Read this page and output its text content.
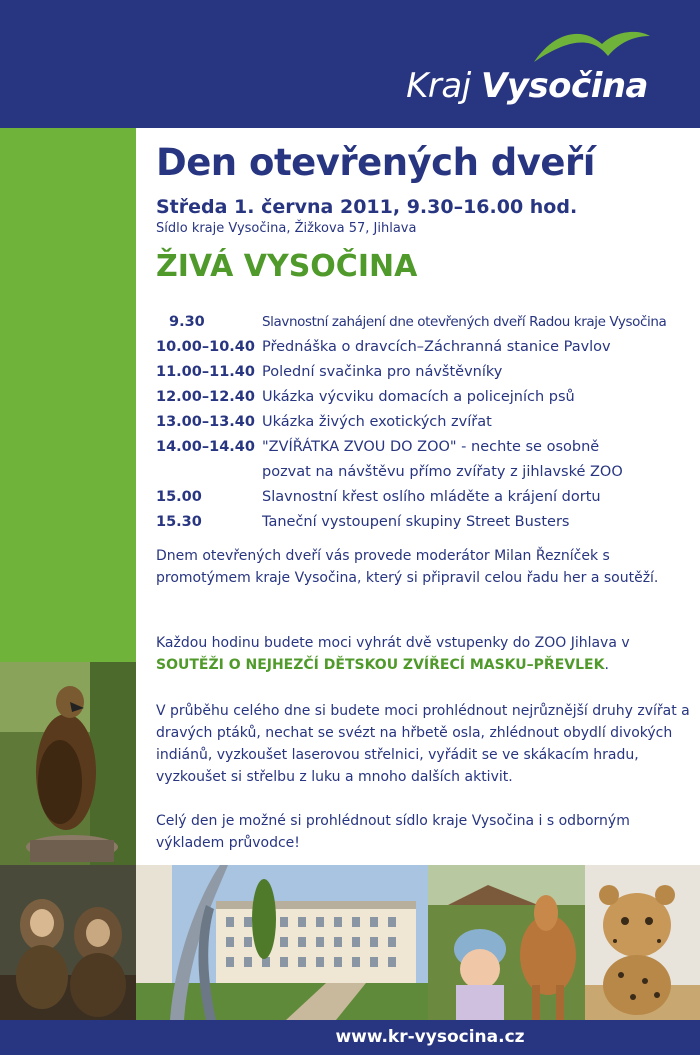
Kraj Vysočina
Den otevřených dveří
Středa 1. června 2011, 9.30–16.00 hod.
Sídlo kraje Vysočina, Žižkova 57, Jihlava
ŽIVÁ VYSOČINA
9.30	Slavnostní zahájení dne otevřených dveří Radou kraje Vysočina
10.00–10.40 Přednáška o dravcích–Záchranná stanice Pavlov
11.00–11.40 Polední svačinka pro návštěvníky
12.00–12.40 Ukázka výcviku domacích a policejních psů
13.00–13.40 Ukázka živých exotických zvířat
14.00–14.40 "ZVÍŘÁTKA ZVOU DO ZOO" - nechte se osobně
pozvat na návštěvu přímo zvířaty z jihlavské ZOO
15.00	Slavnostní křest oslího mláděte a krájení dortu
15.30	Taneční vystoupení skupiny Street Busters
Dnem otevřených dveří vás provede moderátor Milan Řezníček s promotýmem kraje Vysočina, který si připravil celou řadu her a soutěží.
Každou hodinu budete moci vyhrát dvě vstupenky do ZOO Jihlava v SOUTĚŽI O NEJHEZČÍ DĚTSKOU ZVÍŘECÍ MASKU–PŘEVLEK.
V průběhu celého dne si budete moci prohlédnout nejrůznější druhy zvířat a dravých ptáků, nechat se svézt na hřbetě osla, zhlédnout obydlí divokých indiánů, vyzkoušet laserovou střelnici, vyřádit se ve skákacím hradu, vyzkoušet si střelbu z luku a mnoho dalších aktivit.
Celý den je možné si prohlédnout sídlo kraje Vysočina i s odborným výkladem průvodce!
www.kr-vysocina.cz
